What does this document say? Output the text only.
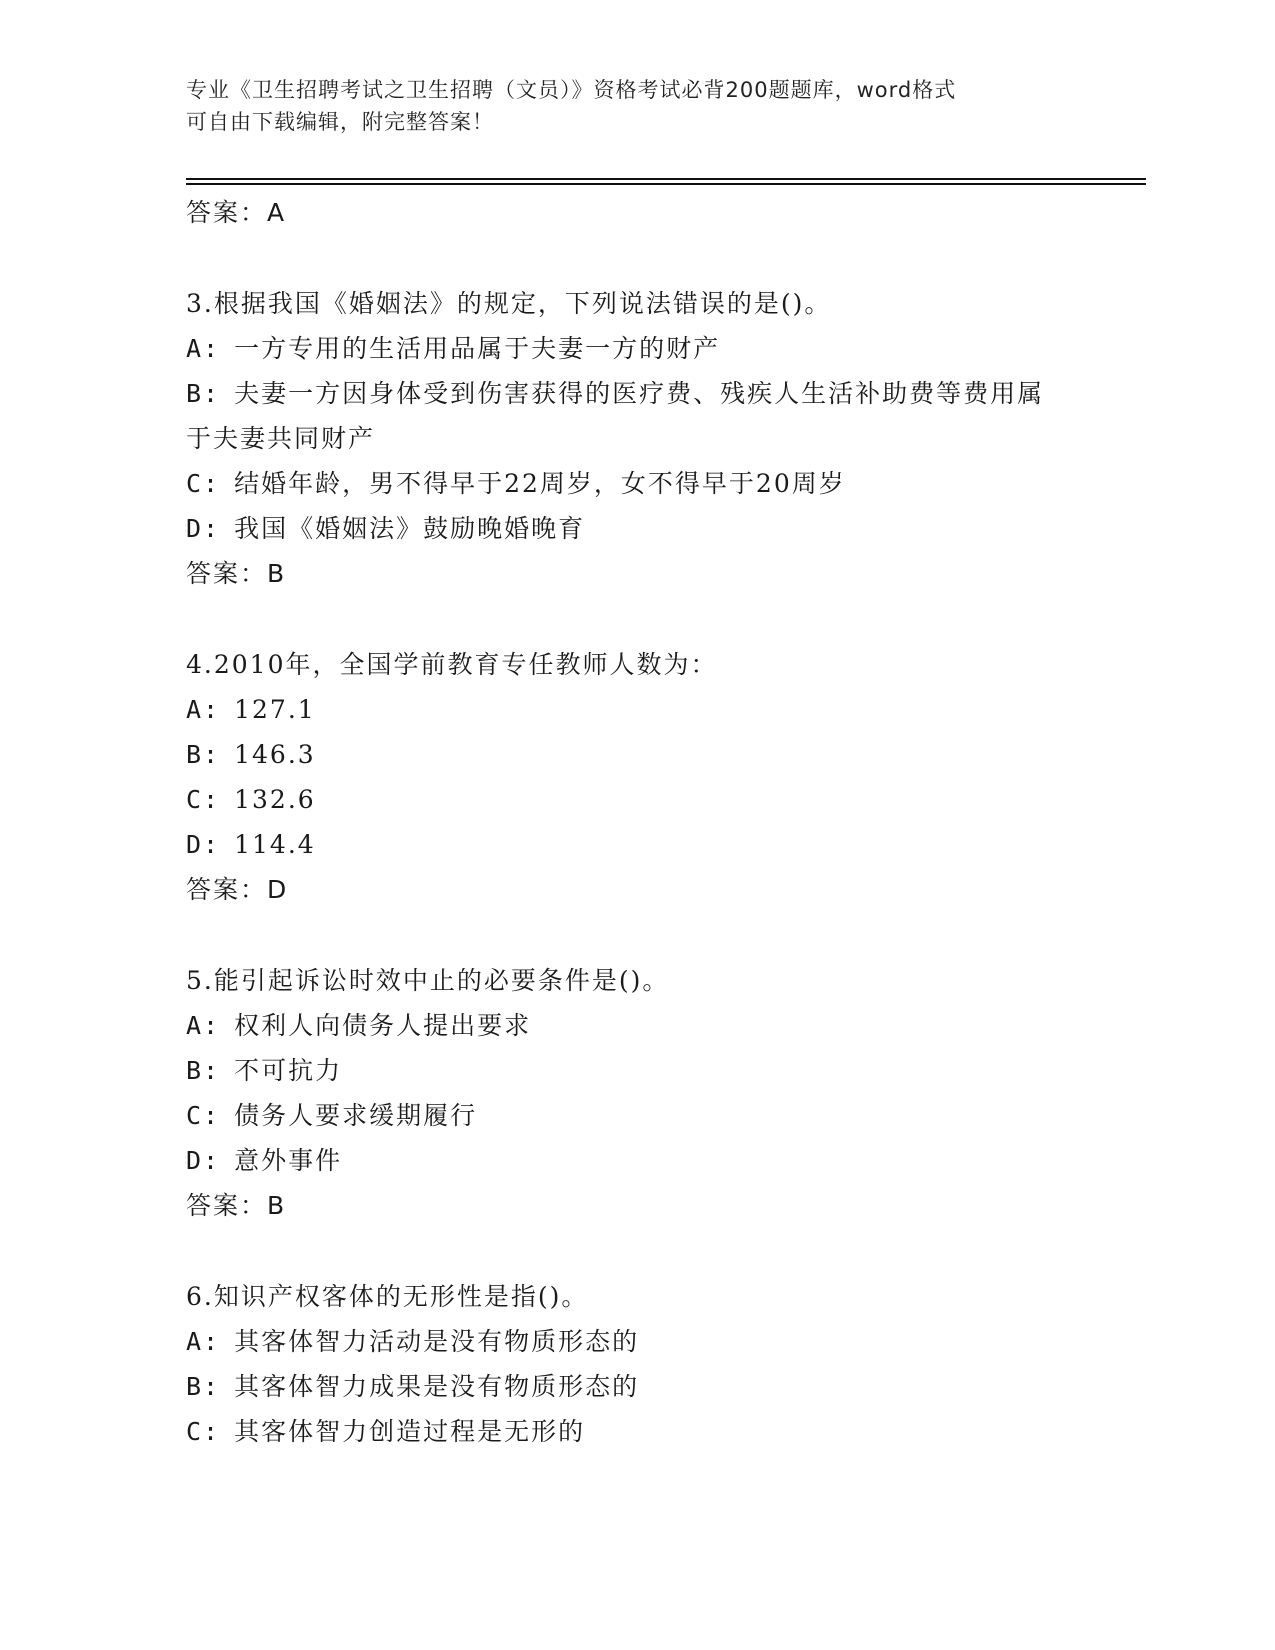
专业《卫生招聘考试之卫生招聘（文员）》资格考试必背200题题库，word格式
可自由下载编辑，附完整答案！

答案：A

3.根据我国《婚姻法》的规定，下列说法错误的是()。

A: 一方专用的生活用品属于夫妻一方的财产

B: 夫妻一方因身体受到伤害获得的医疗费、残疾人生活补助费等费用属于夫妻共同财产

C: 结婚年龄，男不得早于22周岁，女不得早于20周岁

D: 我国《婚姻法》鼓励晚婚晚育

答案：B

4.2010年，全国学前教育专任教师人数为：

A: 127.1

B: 146.3

C: 132.6

D: 114.4

答案：D

5.能引起诉讼时效中止的必要条件是()。

A: 权利人向债务人提出要求

B: 不可抗力

C: 债务人要求缓期履行

D: 意外事件

答案：B

6.知识产权客体的无形性是指()。

A: 其客体智力活动是没有物质形态的

B: 其客体智力成果是没有物质形态的

C: 其客体智力创造过程是无形的
